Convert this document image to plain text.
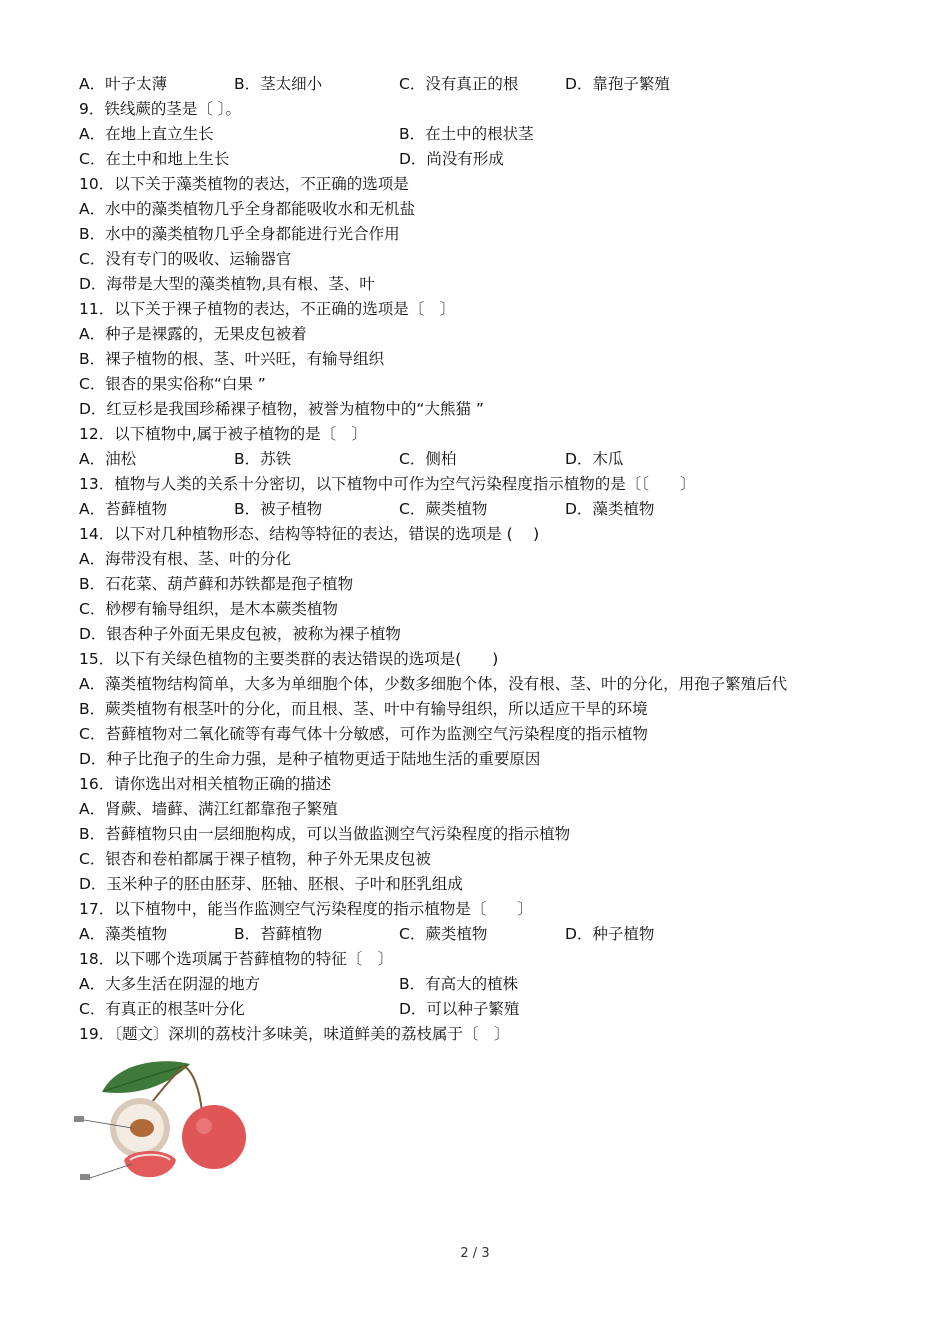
A．叶子太薄	B．茎太细小	C．没有真正的根	D．靠孢子繁殖
9．铁线蕨的茎是〔 〕。
A．在地上直立生长	B．在土中的根状茎
C．在土中和地上生长	D．尚没有形成
10．以下关于藻类植物的表达，不正确的选项是
A．水中的藻类植物几乎全身都能吸收水和无机盐
B．水中的藻类植物几乎全身都能进行光合作用
C．没有专门的吸收、运输器官
D．海带是大型的藻类植物,具有根、茎、叶
11．以下关于裸子植物的表达，不正确的选项是〔　〕
A．种子是裸露的，无果皮包被着
B．裸子植物的根、茎、叶兴旺，有输导组织
C．银杏的果实俗称“白果 ”
D．红豆杉是我国珍稀裸子植物，被誉为植物中的“大熊猫 ”
12．以下植物中,属于被子植物的是〔　〕
A．油松	B．苏铁	C．侧柏	D．木瓜
13．植物与人类的关系十分密切，以下植物中可作为空气污染程度指示植物的是〔〔　　〕
A．苔藓植物	B．被子植物	C．蕨类植物	D．藻类植物
14．以下对几种植物形态、结构等特征的表达，错误的选项是 (　 )
A．海带没有根、茎、叶的分化
B．石花菜、葫芦藓和苏铁都是孢子植物
C．桫椤有输导组织，是木本蕨类植物
D．银杏种子外面无果皮包被，被称为裸子植物
15．以下有关绿色植物的主要类群的表达错误的选项是(　　)
A．藻类植物结构简单，大多为单细胞个体，少数多细胞个体，没有根、茎、叶的分化，用孢子繁殖后代
B．蕨类植物有根茎叶的分化，而且根、茎、叶中有输导组织，所以适应干旱的环境
C．苔藓植物对二氧化硫等有毒气体十分敏感，可作为监测空气污染程度的指示植物
D．种子比孢子的生命力强，是种子植物更适于陆地生活的重要原因
16．请你选出对相关植物正确的描述
A．肾蕨、墙藓、满江红都靠孢子繁殖
B．苔藓植物只由一层细胞构成，可以当做监测空气污染程度的指示植物
C．银杏和卷柏都属于裸子植物，种子外无果皮包被
D．玉米种子的胚由胚芽、胚轴、胚根、子叶和胚乳组成
17．以下植物中，能当作监测空气污染程度的指示植物是〔　　〕
A．藻类植物	B．苔藓植物	C．蕨类植物	D．种子植物
18．以下哪个选项属于苔藓植物的特征〔　〕
A．大多生活在阴湿的地方	B．有高大的植株
C．有真正的根茎叶分化	D．可以种子繁殖
19．〔题文〕深圳的荔枝汁多味美，味道鲜美的荔枝属于〔　〕
2 / 3
